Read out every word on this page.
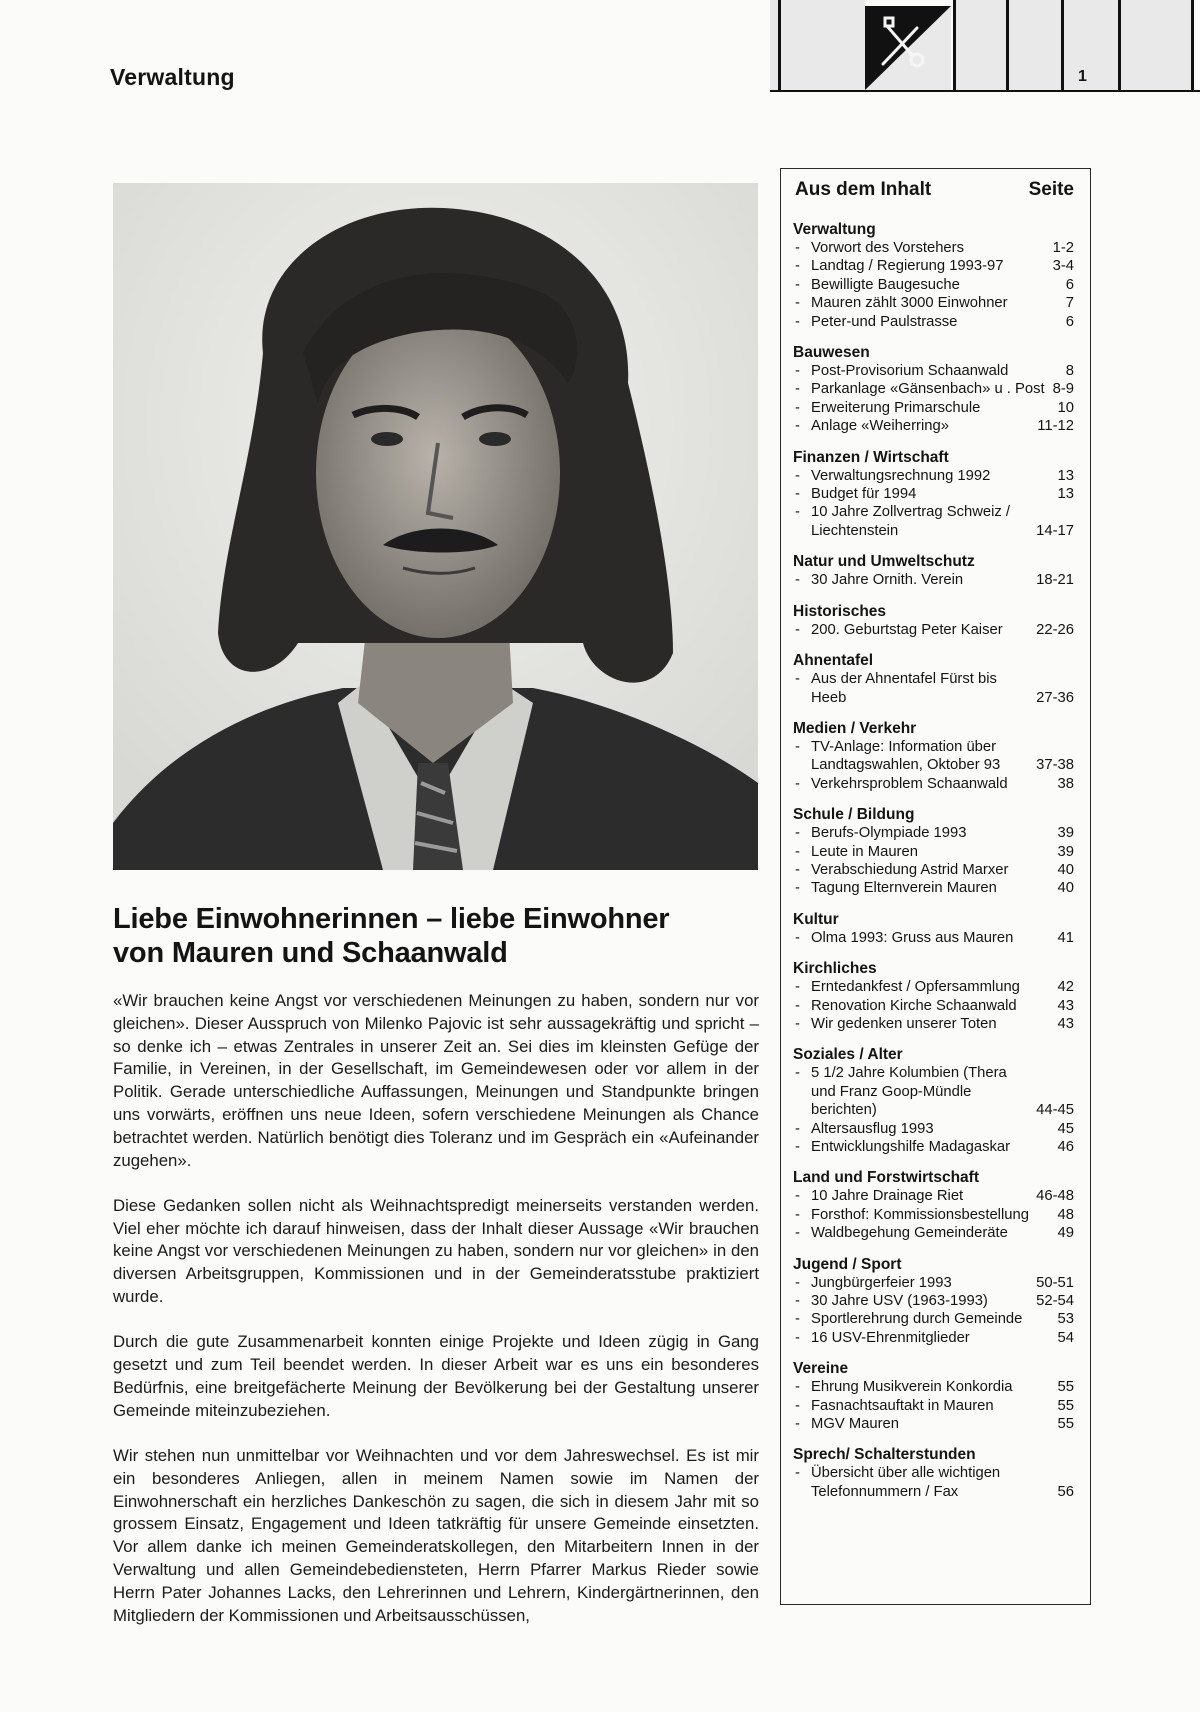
Verwaltung	1
Liebe Einwohnerinnen – liebe Einwohner
von Mauren und Schaanwald

«Wir brauchen keine Angst vor verschiedenen Meinungen zu haben, sondern nur vor gleichen». Dieser Ausspruch von Milenko Pajovic ist sehr aussagekräftig und spricht – so denke ich – etwas Zentrales in unserer Zeit an. Sei dies im kleinsten Gefüge der Familie, in Vereinen, in der Gesellschaft, im Gemeindewesen oder vor allem in der Politik. Gerade unterschiedliche Auffassungen, Meinungen und Standpunkte bringen uns vorwärts, eröffnen uns neue Ideen, sofern verschiedene Meinungen als Chance betrachtet werden. Natürlich benötigt dies Toleranz und im Gespräch ein «Aufeinander zugehen».

Diese Gedanken sollen nicht als Weihnachtspredigt meinerseits verstanden werden. Viel eher möchte ich darauf hinweisen, dass der Inhalt dieser Aussage «Wir brauchen keine Angst vor verschiedenen Meinungen zu haben, sondern nur vor gleichen» in den diversen Arbeitsgruppen, Kommissionen und in der Gemeinderatsstube praktiziert wurde.

Durch die gute Zusammenarbeit konnten einige Projekte und Ideen zügig in Gang gesetzt und zum Teil beendet werden. In dieser Arbeit war es uns ein besonderes Bedürfnis, eine breitgefächerte Meinung der Bevölkerung bei der Gestaltung unserer Gemeinde miteinzubeziehen.

Wir stehen nun unmittelbar vor Weihnachten und vor dem Jahreswechsel. Es ist mir ein besonderes Anliegen, allen in meinem Namen sowie im Namen der Einwohnerschaft ein herzliches Dankeschön zu sagen, die sich in diesem Jahr mit so grossem Einsatz, Engagement und Ideen tatkräftig für unsere Gemeinde einsetzten. Vor allem danke ich meinen Gemeinderatskollegen, den Mitarbeitern Innen in der Verwaltung und allen Gemeindebediensteten, Herrn Pfarrer Markus Rieder sowie Herrn Pater Johannes Lacks, den Lehrerinnen und Lehrern, Kindergärtnerinnen, den Mitgliedern der Kommissionen und Arbeitsausschüssen,

Aus dem Inhalt	Seite
Verwaltung
- Vorwort des Vorstehers	1-2
- Landtag / Regierung 1993-97	3-4
- Bewilligte Baugesuche	6
- Mauren zählt 3000 Einwohner	7
- Peter-und Paulstrasse	6
Bauwesen
- Post-Provisorium Schaanwald	8
- Parkanlage «Gänsenbach» u . Post 8-9
- Erweiterung Primarschule	10
- Anlage «Weiherring»	11-12
Finanzen / Wirtschaft
- Verwaltungsrechnung 1992	13
- Budget für 1994	13
- 10 Jahre Zollvertrag Schweiz / Liechtenstein	14-17
Natur und Umweltschutz
- 30 Jahre Ornith. Verein	18-21
Historisches
- 200. Geburtstag Peter Kaiser	22-26
Ahnentafel
- Aus der Ahnentafel Fürst bis Heeb	27-36
Medien / Verkehr
- TV-Anlage: Information über Landtagswahlen, Oktober 93	37-38
- Verkehrsproblem Schaanwald	38
Schule / Bildung
- Berufs-Olympiade 1993	39
- Leute in Mauren	39
- Verabschiedung Astrid Marxer	40
- Tagung Elternverein Mauren	40
Kultur
- Olma 1993: Gruss aus Mauren	41
Kirchliches
- Erntedankfest / Opfersammlung	42
- Renovation Kirche Schaanwald	43
- Wir gedenken unserer Toten	43
Soziales / Alter
- 5 1/2 Jahre Kolumbien (Thera und Franz Goop-Mündle berichten)	44-45
- Altersausflug 1993	45
- Entwicklungshilfe Madagaskar	46
Land und Forstwirtschaft
- 10 Jahre Drainage Riet	46-48
- Forsthof: Kommissionsbestellung	48
- Waldbegehung Gemeinderäte	49
Jugend / Sport
- Jungbürgerfeier 1993	50-51
- 30 Jahre USV (1963-1993)	52-54
- Sportlerehrung durch Gemeinde	53
- 16 USV-Ehrenmitglieder	54
Vereine
- Ehrung Musikverein Konkordia	55
- Fasnachtsauftakt in Mauren	55
- MGV Mauren	55
Sprech/ Schalterstunden
- Übersicht über alle wichtigen Telefonnummern / Fax	56
